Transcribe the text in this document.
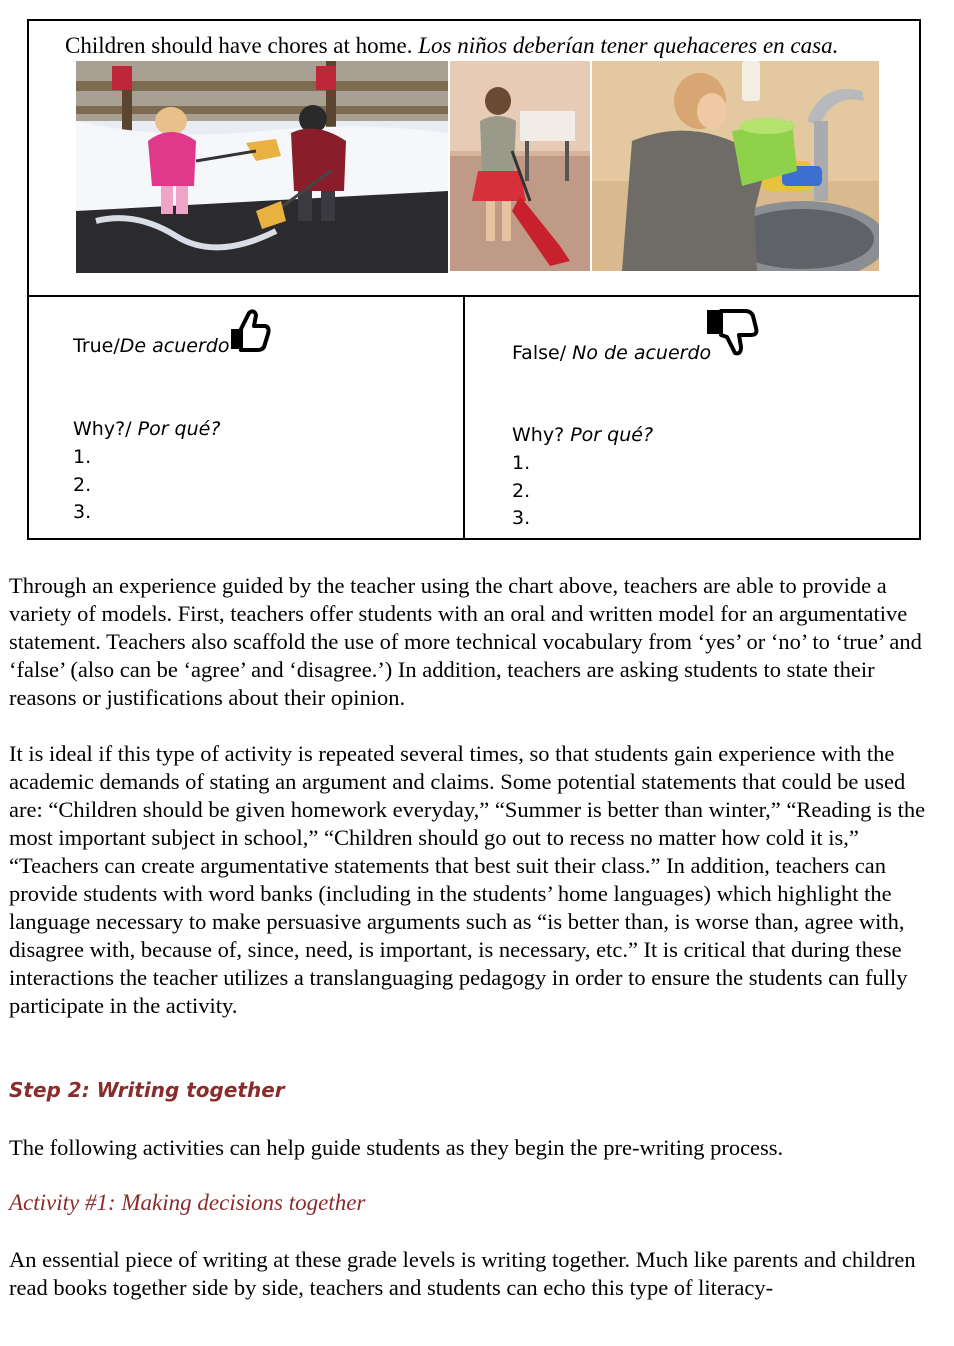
Children should have chores at home. Los niños deberían tener quehaceres en casa.
True/De acuerdo
Why?/ Por qué?
1.
2.
3.
False/ No de acuerdo
Why? Por qué?
1.
2.
3.

Through an experience guided by the teacher using the chart above, teachers are able to provide a variety of models. First, teachers offer students with an oral and written model for an argumentative statement. Teachers also scaffold the use of more technical vocabulary from ‘yes’ or ‘no’ to ‘true’ and ‘false’ (also can be ‘agree’ and ‘disagree.’) In addition, teachers are asking students to state their reasons or justifications about their opinion.

It is ideal if this type of activity is repeated several times, so that students gain experience with the academic demands of stating an argument and claims. Some potential statements that could be used are: “Children should be given homework everyday,” “Summer is better than winter,” “Reading is the most important subject in school,” “Children should go out to recess no matter how cold it is,” “Teachers can create argumentative statements that best suit their class.” In addition, teachers can provide students with word banks (including in the students’ home languages) which highlight the language necessary to make persuasive arguments such as “is better than, is worse than, agree with, disagree with, because of, since, need, is important, is necessary, etc.” It is critical that during these interactions the teacher utilizes a translanguaging pedagogy in order to ensure the students can fully participate in the activity.

Step 2: Writing together

The following activities can help guide students as they begin the pre-writing process.

Activity #1: Making decisions together

An essential piece of writing at these grade levels is writing together. Much like parents and children read books together side by side, teachers and students can echo this type of literacy-
